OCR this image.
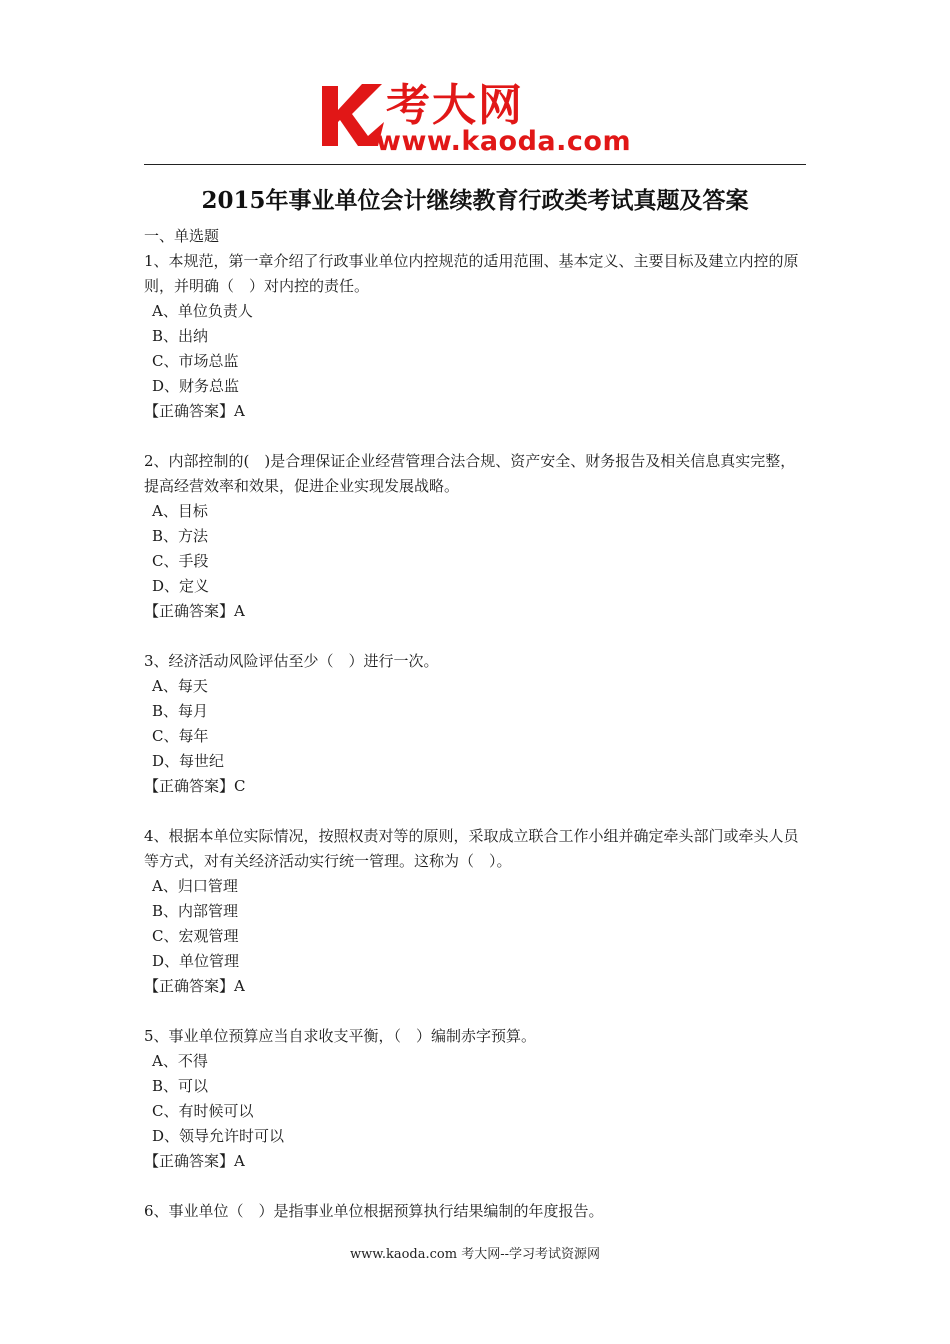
考大网
www.kaoda.com
2015年事业单位会计继续教育行政类考试真题及答案

一、单选题

1、本规范，第一章介绍了行政事业单位内控规范的适用范围、基本定义、主要目标及建立内控的原则，并明确（　）对内控的责任。

A、单位负责人

B、出纳

C、市场总监

D、财务总监

【正确答案】A

2、内部控制的(　)是合理保证企业经营管理合法合规、资产安全、财务报告及相关信息真实完整，提高经营效率和效果，促进企业实现发展战略。

A、目标

B、方法

C、手段

D、定义

【正确答案】A

3、经济活动风险评估至少（　）进行一次。

A、每天

B、每月

C、每年

D、每世纪

【正确答案】C

4、根据本单位实际情况，按照权责对等的原则，采取成立联合工作小组并确定牵头部门或牵头人员等方式，对有关经济活动实行统一管理。这称为（　）。

A、归口管理

B、内部管理

C、宏观管理

D、单位管理

【正确答案】A

5、事业单位预算应当自求收支平衡，（　）编制赤字预算。

A、不得

B、可以

C、有时候可以

D、领导允许时可以

【正确答案】A

6、事业单位（　）是指事业单位根据预算执行结果编制的年度报告。

www.kaoda.com 考大网--学习考试资源网
